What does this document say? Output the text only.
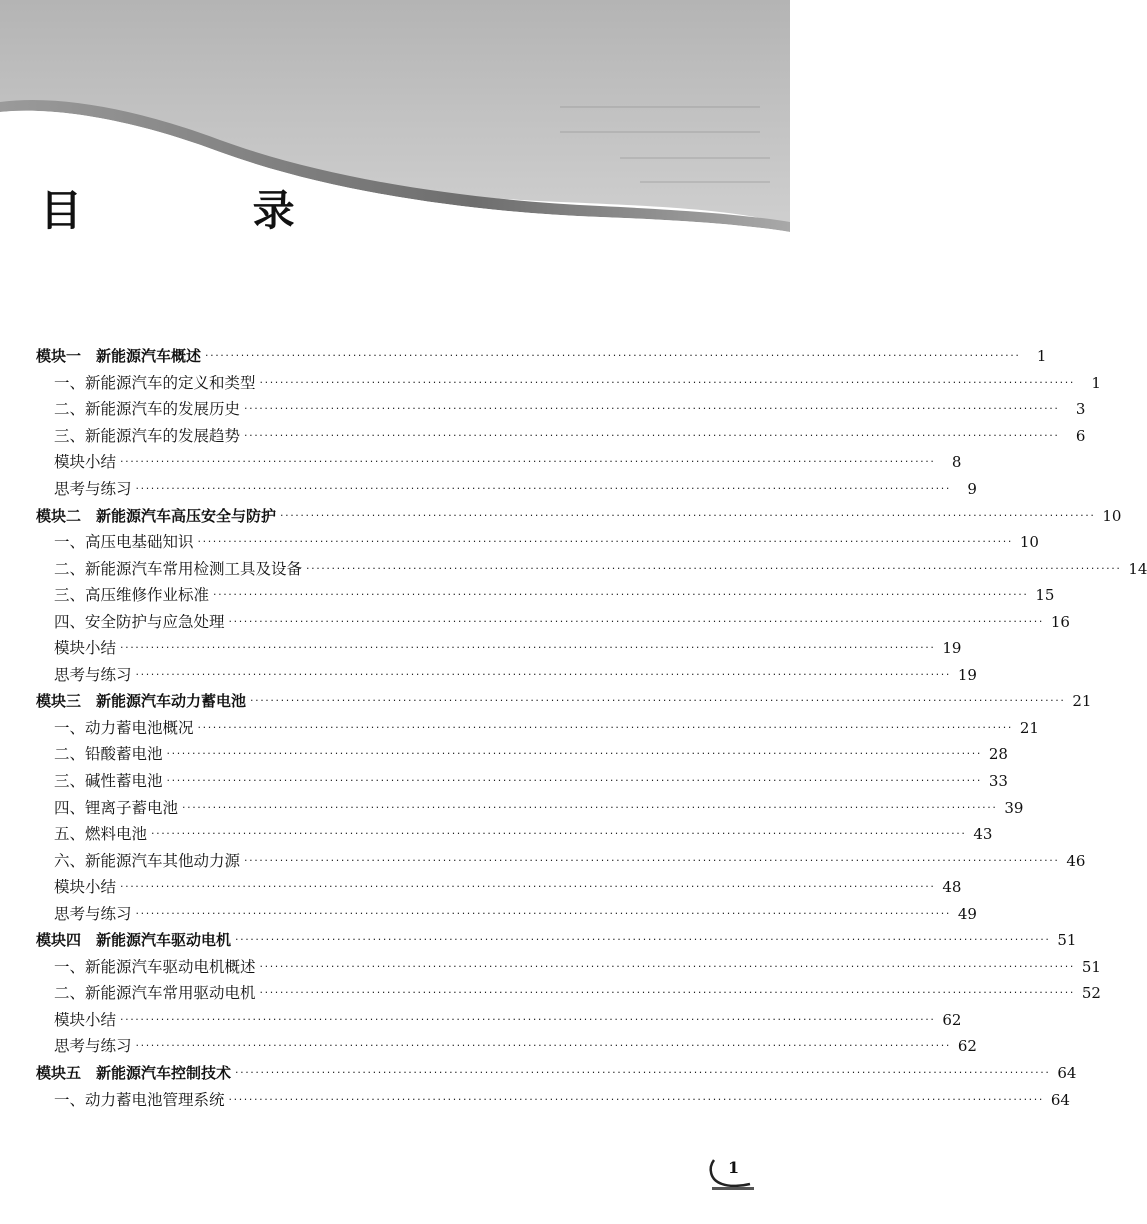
目 录
模块一　新能源汽车概述 ································································································································································	1
一、新能源汽车的定义和类型 ································································································································································	1
二、新能源汽车的发展历史 ································································································································································	3
三、新能源汽车的发展趋势 ································································································································································	6
模块小结 ································································································································································	8
思考与练习 ································································································································································	9
模块二　新能源汽车高压安全与防护 ································································································································································ 10
一、高压电基础知识 ································································································································································ 10
二、新能源汽车常用检测工具及设备 ································································································································································ 14
三、高压维修作业标准 ································································································································································ 15
四、安全防护与应急处理 ································································································································································ 16
模块小结 ································································································································································ 19
思考与练习 ································································································································································ 19
模块三　新能源汽车动力蓄电池 ································································································································································ 21
一、动力蓄电池概况 ································································································································································ 21
二、铅酸蓄电池 ································································································································································ 28
三、碱性蓄电池 ································································································································································ 33
四、锂离子蓄电池 ································································································································································ 39
五、燃料电池 ································································································································································ 43
六、新能源汽车其他动力源 ································································································································································ 46
模块小结 ································································································································································ 48
思考与练习 ································································································································································ 49
模块四　新能源汽车驱动电机 ································································································································································ 51
一、新能源汽车驱动电机概述 ································································································································································ 51
二、新能源汽车常用驱动电机 ································································································································································ 52
模块小结 ································································································································································ 62
思考与练习 ································································································································································ 62
模块五　新能源汽车控制技术 ································································································································································ 64
一、动力蓄电池管理系统 ································································································································································ 64
1
